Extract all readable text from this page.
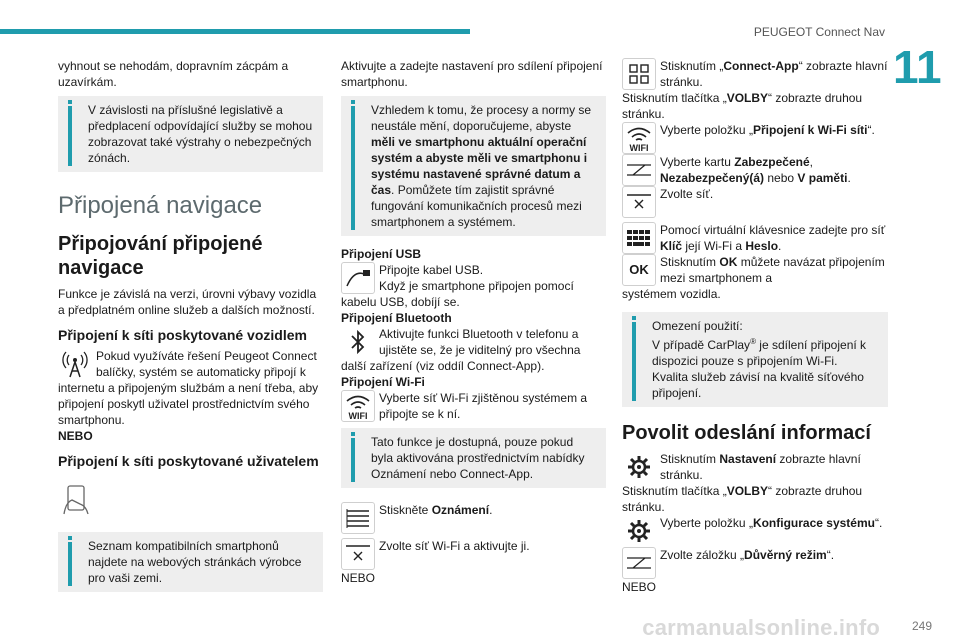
PEUGEOT Connect Nav
11

vyhnout se nehodám, dopravním zácpám a uzavírkám.

V závislosti na příslušné legislativě a předplacení odpovídající služby se mohou zobrazovat také výstrahy o nebezpečných zónách.

Připojená navigace
Připojování připojené navigace

Funkce je závislá na verzi, úrovni výbavy vozidla a předplatném online služeb a dalších možností.

Připojení k síti poskytované vozidlem

Pokud využíváte řešení Peugeot Connect balíčky, systém se automaticky připojí k

internetu a připojeným službám a není třeba, aby připojení poskytl uživatel prostřednictvím svého smartphonu.

NEBO

Připojení k síti poskytované uživatelem

Seznam kompatibilních smartphonů najdete na webových stránkách výrobce pro vaši zemi.

Aktivujte a zadejte nastavení pro sdílení připojení smartphonu.

Vzhledem k tomu, že procesy a normy se neustále mění, doporučujeme, abyste měli ve smartphonu aktuální operační systém a abyste měli ve smartphonu i systému nastavené správné datum a čas. Pomůžete tím zajistit správné fungování komunikačních procesů mezi smartphonem a systémem.

Připojení USB

Připojte kabel USB.

Když je smartphone připojen pomocí

kabelu USB, dobíjí se.

Připojení Bluetooth

Aktivujte funkci Bluetooth v telefonu a ujistěte se, že je viditelný pro všechna

další zařízení (viz oddíl Connect-App).

Připojení Wi-Fi

WIFI

Vyberte síť Wi-Fi zjištěnou systémem a připojte se k ní.

Tato funkce je dostupná, pouze pokud byla aktivována prostřednictvím nabídky Oznámení nebo Connect-App.

Stiskněte Oznámení.

Zvolte síť Wi-Fi a aktivujte ji.

NEBO

Stisknutím „Connect-App“ zobrazte hlavní stránku.

Stisknutím tlačítka „VOLBY“ zobrazte druhou stránku.

WIFI

Vyberte položku „Připojení k Wi-Fi síti“.

Vyberte kartu Zabezpečené, Nezabezpečený(á) nebo V paměti.

Zvolte síť.

Pomocí virtuální klávesnice zadejte pro síť Klíč její Wi-Fi a Heslo.

OK Stisknutím OK můžete navázat připojením mezi smartphonem a

systémem vozidla.

Omezení použití:

V případě CarPlay® je sdílení připojení k dispozici pouze s připojením Wi-Fi.

Kvalita služeb závisí na kvalitě síťového připojení.

Povolit odeslání informací

Stisknutím Nastavení zobrazte hlavní stránku.

Stisknutím tlačítka „VOLBY“ zobrazte druhou stránku.

Vyberte položku „Konfigurace systému“.

Zvolte záložku „Důvěrný režim“.

NEBO

carmanualsonline.info	249
